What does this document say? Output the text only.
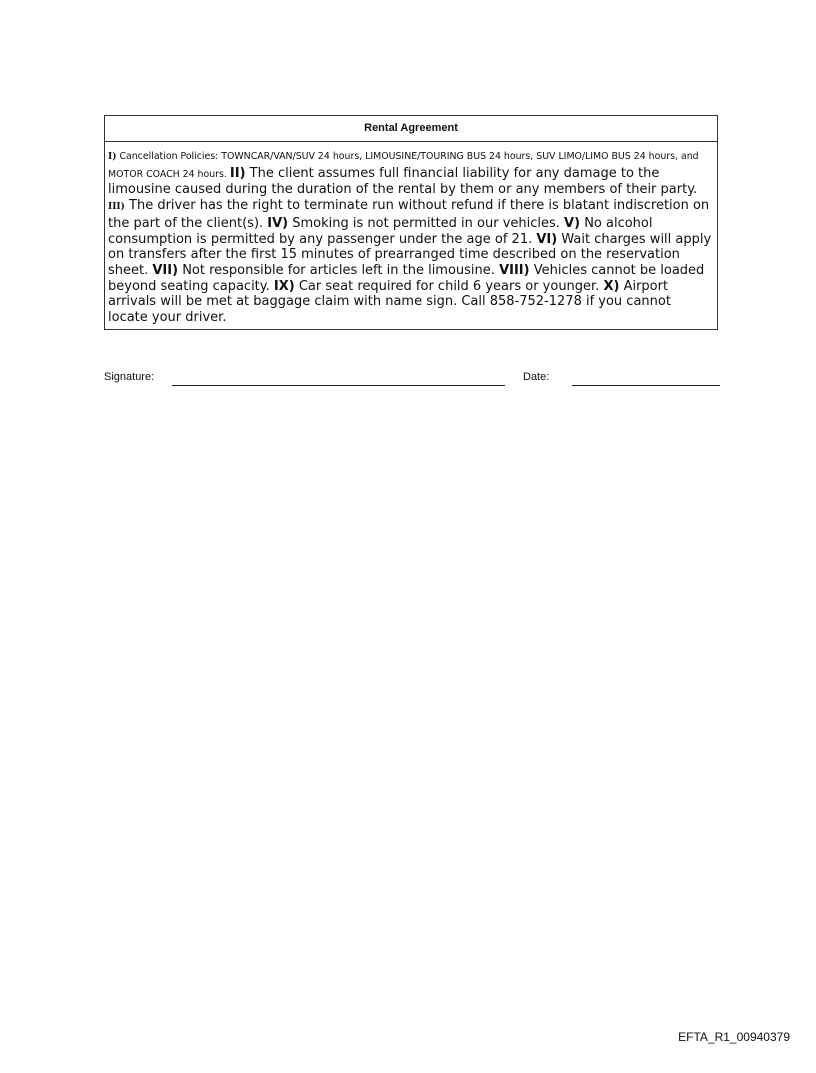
Rental Agreement
I) Cancellation Policies: TOWNCAR/VAN/SUV 24 hours, LIMOUSINE/TOURING BUS 24 hours, SUV LIMO/LIMO BUS 24 hours, and MOTOR COACH 24 hours. II) The client assumes full financial liability for any damage to the limousine caused during the duration of the rental by them or any members of their party. III) The driver has the right to terminate run without refund if there is blatant indiscretion on the part of the client(s). IV) Smoking is not permitted in our vehicles. V) No alcohol consumption is permitted by any passenger under the age of 21. VI) Wait charges will apply on transfers after the first 15 minutes of prearranged time described on the reservation sheet. VII) Not responsible for articles left in the limousine. VIII) Vehicles cannot be loaded beyond seating capacity. IX) Car seat required for child 6 years or younger. X) Airport arrivals will be met at baggage claim with name sign. Call 858-752-1278 if you cannot locate your driver.
Signature:	Date:
EFTA_R1_00940379
